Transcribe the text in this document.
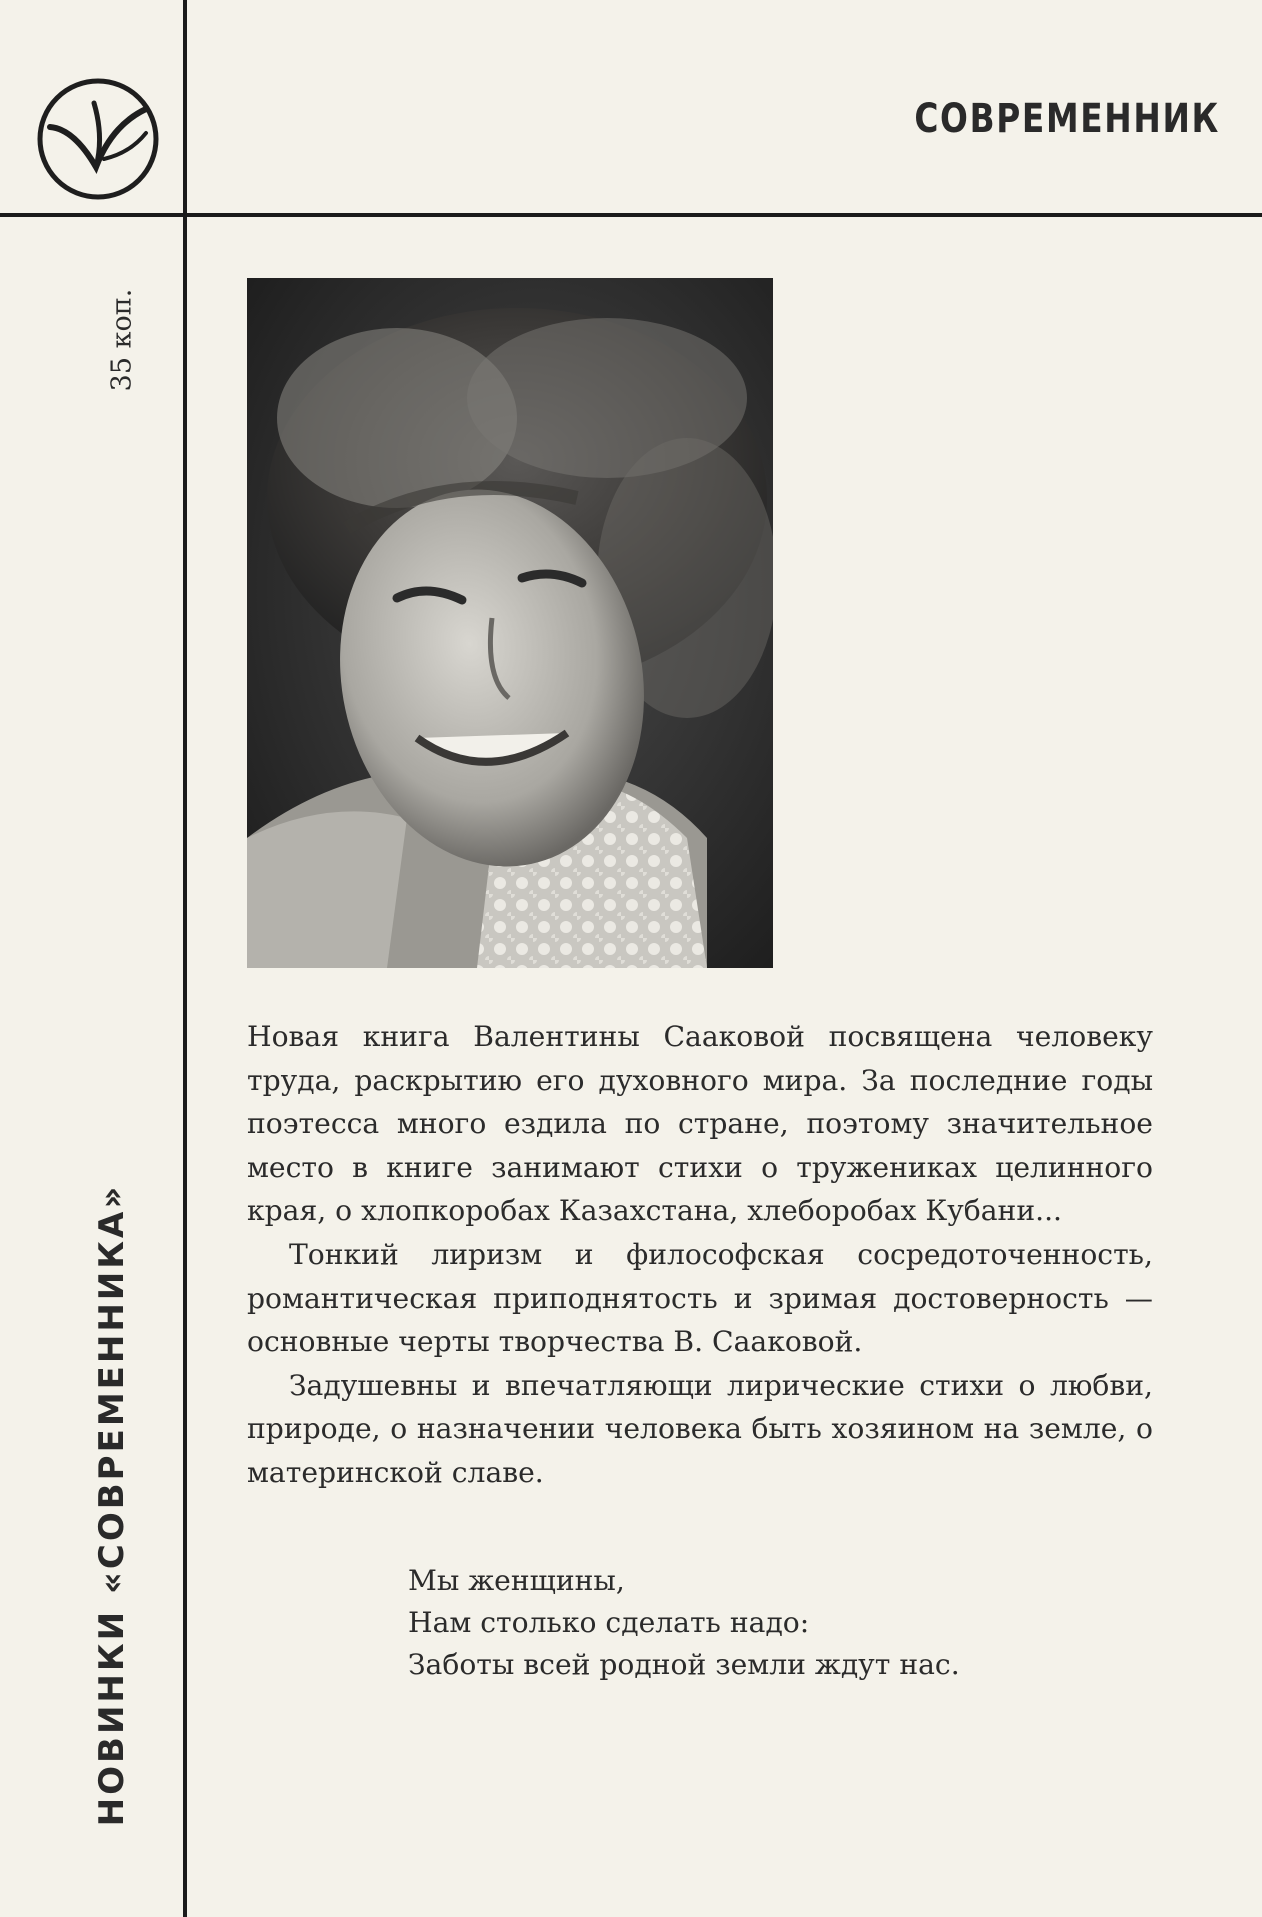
СОВРЕМЕННИК
35 коп.
НОВИНКИ «СОВРЕМЕННИКА»

Новая книга Валентины Сааковой посвящена человеку труда, раскрытию его духовного мира. За последние годы поэтесса много ездила по стране, поэтому значительное место в книге занимают стихи о тружениках целинного края, о хлопкоробах Казахстана, хлеборобах Кубани...

Тонкий лиризм и философская сосредоточенность, романтическая приподнятость и зримая достоверность — основные черты творчества В. Сааковой.

Задушевны и впечатляющи лирические стихи о любви, природе, о назначении человека быть хозяином на земле, о материнской славе.

Мы женщины,
Нам столько сделать надо:
Заботы всей родной земли ждут нас.
